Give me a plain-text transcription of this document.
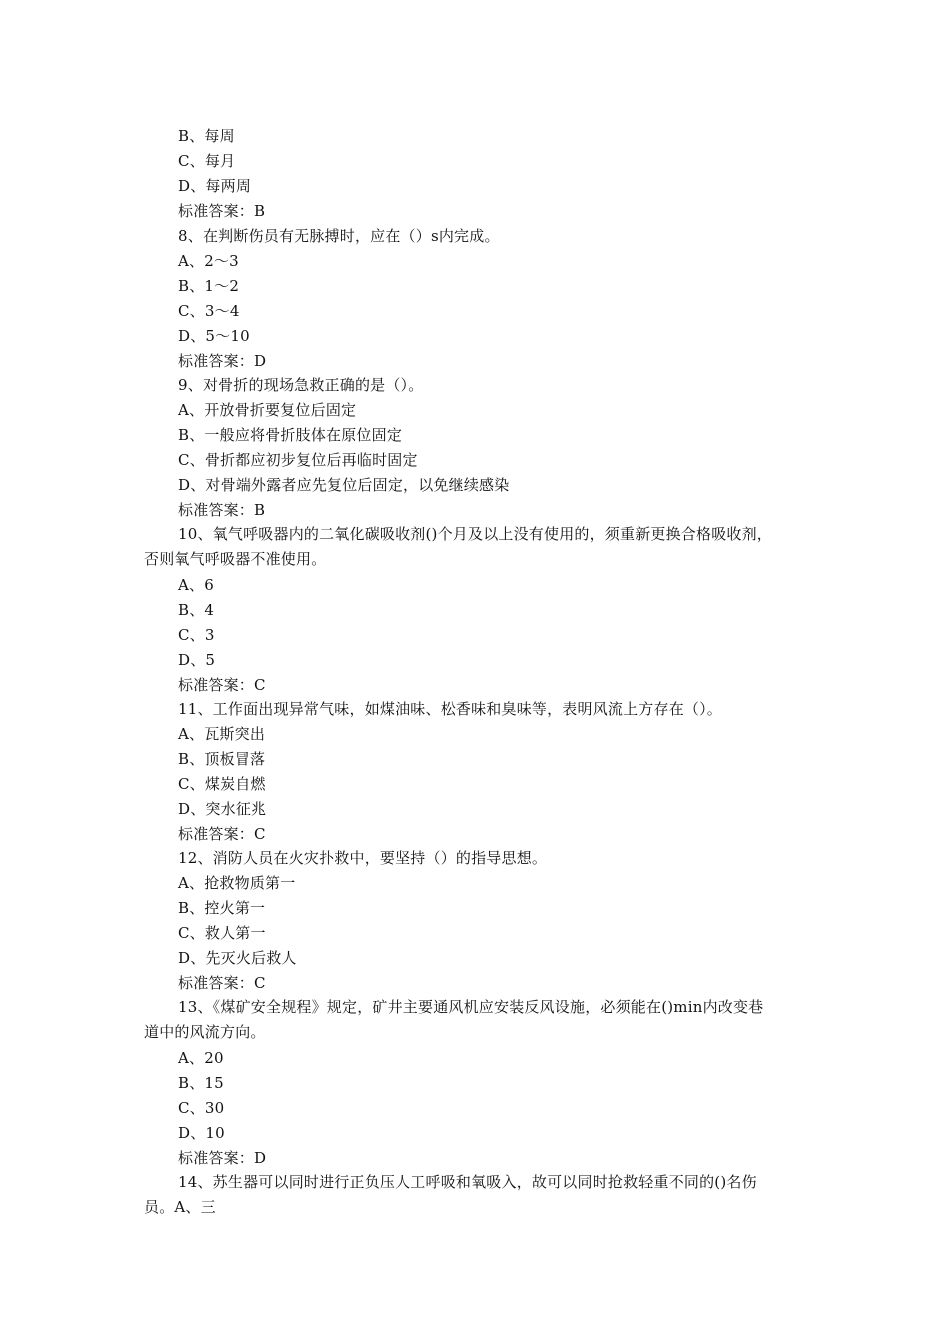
B、每周
C、每月
D、每两周
标准答案：B
8、在判断伤员有无脉搏时，应在（）s内完成。
A、2～3
B、1～2
C、3～4
D、5～10
标准答案：D
9、对骨折的现场急救正确的是（）。
A、开放骨折要复位后固定
B、一般应将骨折肢体在原位固定
C、骨折都应初步复位后再临时固定
D、对骨端外露者应先复位后固定，以免继续感染
标准答案：B
10、氧气呼吸器内的二氧化碳吸收剂()个月及以上没有使用的，须重新更换合格吸收剂，
否则氧气呼吸器不准使用。
A、6
B、4
C、3
D、5
标准答案：C
11、工作面出现异常气味，如煤油味、松香味和臭味等，表明风流上方存在（）。
A、瓦斯突出
B、顶板冒落
C、煤炭自燃
D、突水征兆
标准答案：C
12、消防人员在火灾扑救中，要坚持（）的指导思想。
A、抢救物质第一
B、控火第一
C、救人第一
D、先灭火后救人
标准答案：C
13、《煤矿安全规程》规定，矿井主要通风机应安装反风设施，必须能在()min内改变巷
道中的风流方向。
A、20
B、15
C、30
D、10
标准答案：D
14、苏生器可以同时进行正负压人工呼吸和氧吸入，故可以同时抢救轻重不同的()名伤
员。A、三
